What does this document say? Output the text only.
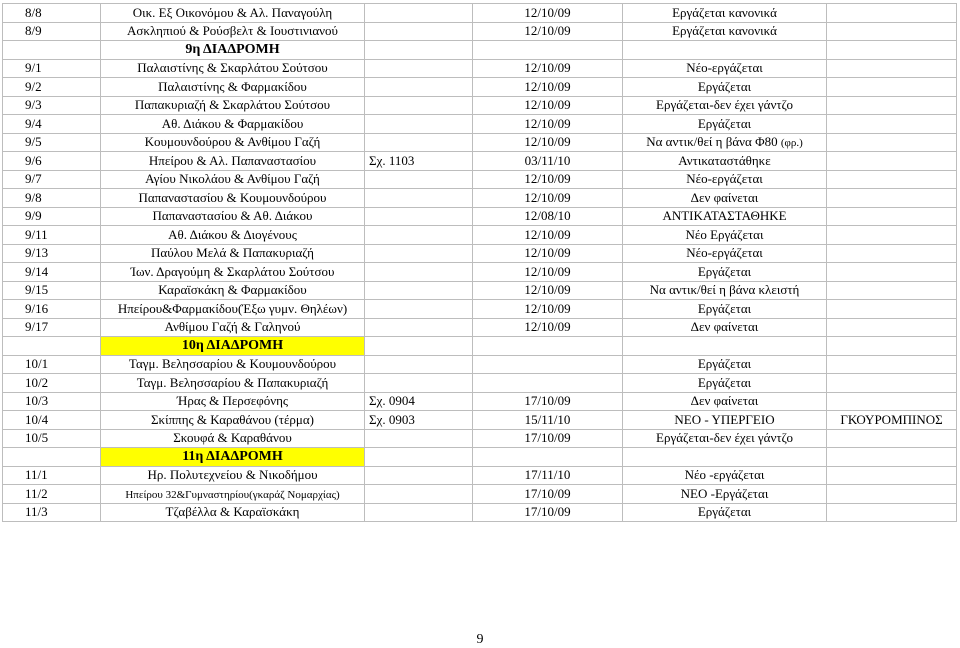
8/8	Οικ. Εξ Οικονόμου & Αλ. Παναγούλη		12/10/09	Εργάζεται κανονικά	
8/9	Ασκληπιού & Ρούσβελτ & Ιουστινιανού		12/10/09	Εργάζεται κανονικά	
	9η ΔΙΑΔΡΟΜΗ				
9/1	Παλαιστίνης & Σκαρλάτου Σούτσου		12/10/09	Νέο-εργάζεται	
9/2	Παλαιστίνης & Φαρμακίδου		12/10/09	Εργάζεται	
9/3	Παπακυριαζή & Σκαρλάτου Σούτσου		12/10/09	Εργάζεται-δεν έχει γάντζο	
9/4	Αθ. Διάκου & Φαρμακίδου		12/10/09	Εργάζεται	
9/5	Κουμουνδούρου & Ανθίμου Γαζή		12/10/09	Να αντικ/θεί η βάνα Φ80 (φρ.)	
9/6	Ηπείρου & Αλ. Παπαναστασίου	Σχ. 1103	03/11/10	Αντικαταστάθηκε	
9/7	Αγίου Νικολάου & Ανθίμου Γαζή		12/10/09	Νέο-εργάζεται	
9/8	Παπαναστασίου & Κουμουνδούρου		12/10/09	Δεν φαίνεται	
9/9	Παπαναστασίου & Αθ. Διάκου		12/08/10	ΑΝΤΙΚΑΤΑΣΤΑΘΗΚΕ	
9/11	Αθ. Διάκου & Διογένους		12/10/09	Νέο Εργάζεται	
9/13	Παύλου Μελά & Παπακυριαζή		12/10/09	Νέο-εργάζεται	
9/14	Ίων. Δραγούμη & Σκαρλάτου Σούτσου		12/10/09	Εργάζεται	
9/15	Καραϊσκάκη & Φαρμακίδου		12/10/09	Να αντικ/θεί η βάνα κλειστή	
9/16	Ηπείρου&Φαρμακίδου(Έξω γυμν. Θηλέων)		12/10/09	Εργάζεται	
9/17	Ανθίμου Γαζή & Γαληνού		12/10/09	Δεν φαίνεται	
	10η ΔΙΑΔΡΟΜΗ				
10/1	Ταγμ. Βελησσαρίου & Κουμουνδούρου			Εργάζεται	
10/2	Ταγμ. Βελησσαρίου & Παπακυριαζή			Εργάζεται	
10/3	Ήρας & Περσεφόνης	Σχ. 0904	17/10/09	Δεν φαίνεται	
10/4	Σκίππης & Καραθάνου (τέρμα)	Σχ. 0903	15/11/10	ΝΕΟ - ΥΠΕΡΓΕΙΟ	ΓΚΟΥΡΟΜΠΙΝΟΣ
10/5	Σκουφά & Καραθάνου		17/10/09	Εργάζεται-δεν έχει γάντζο	
	11η ΔΙΑΔΡΟΜΗ				
11/1	Ηρ. Πολυτεχνείου & Νικοδήμου		17/11/10	Νέο -εργάζεται	
11/2	Ηπείρου 32&Γυμναστηρίου(γκαράζ Νομαρχίας)		17/10/09	ΝΕΟ -Εργάζεται	
11/3	Τζαβέλλα & Καραϊσκάκη		17/10/09	Εργάζεται	
9
